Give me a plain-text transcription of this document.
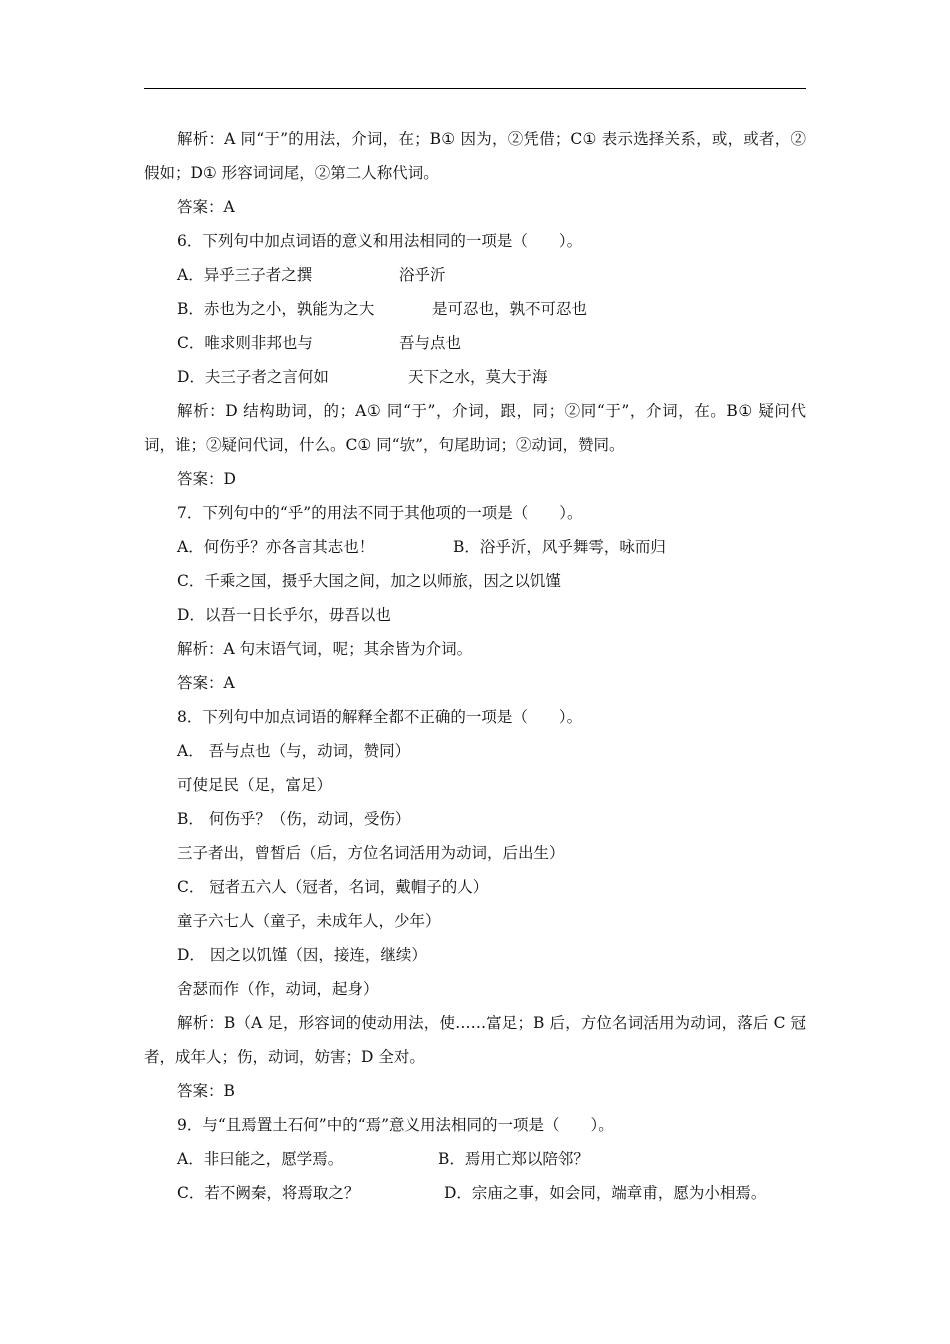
解析：A 同“于”的用法，介词，在；B① 因为，②凭借；C① 表示选择关系，或，或者，②
假如；D① 形容词词尾，②第二人称代词。
答案：A
6．下列句中加点词语的意义和用法相同的一项是（　　）。
A．异乎三子者之撰	浴乎沂
B．赤也为之小，孰能为之大	是可忍也，孰不可忍也
C．唯求则非邦也与	吾与点也
D．夫三子者之言何如	天下之水，莫大于海
解析：D 结构助词，的；A① 同“于”，介词，跟，同；②同“于”，介词，在。B① 疑问代
词，谁；②疑问代词，什么。C① 同“欤”，句尾助词；②动词，赞同。
答案：D
7．下列句中的“乎”的用法不同于其他项的一项是（　　）。
A．何伤乎？亦各言其志也！	B．浴乎沂，风乎舞雩，咏而归
C．千乘之国，摄乎大国之间，加之以师旅，因之以饥馑
D．以吾一日长乎尔，毋吾以也
解析：A 句末语气词，呢；其余皆为介词。
答案：A
8．下列句中加点词语的解释全都不正确的一项是（　　）。
A． 吾与点也（与，动词，赞同）
可使足民（足，富足）
B． 何伤乎？（伤，动词，受伤）
三子者出，曾皙后（后，方位名词活用为动词，后出生）
C． 冠者五六人（冠者，名词，戴帽子的人）
童子六七人（童子，未成年人，少年）
D． 因之以饥馑（因，接连，继续）
舍瑟而作（作，动词，起身）
解析：B（A 足，形容词的使动用法，使……富足；B 后，方位名词活用为动词，落后 C 冠
者，成年人；伤，动词，妨害；D 全对。
答案：B
9．与“且焉置土石何”中的“焉”意义用法相同的一项是（　　）。
A．非曰能之，愿学焉。	B．焉用亡郑以陪邻？
C．若不阙秦，将焉取之？	D．宗庙之事，如会同，端章甫，愿为小相焉。
